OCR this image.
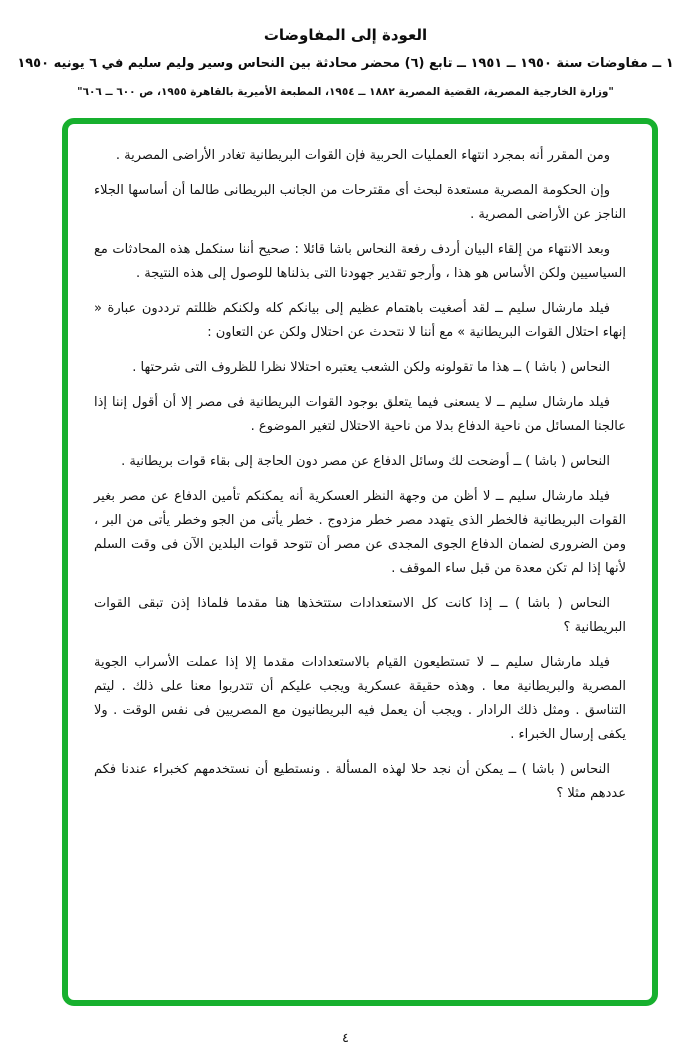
العودة إلى المفاوضات
١ ــ مفاوضات سنة ١٩٥٠ ــ ١٩٥١ ــ تابع (٦) محضر محادثة بين النحاس وسير وليم سليم في ٦ يونيه ١٩٥٠
"وزارة الخارجية المصرية، القضية المصرية ١٨٨٢ ــ ١٩٥٤، المطبعة الأميرية بالقاهرة ١٩٥٥، ص ٦٠٠ ــ ٦٠٦"

ومن المقرر أنه بمجرد انتهاء العمليات الحربية فإن القوات البريطانية تغادر الأراضى المصرية .

وإن الحكومة المصرية مستعدة لبحث أى مقترحات من الجانب البريطانى طالما أن أساسها الجلاء الناجز عن الأراضى المصرية .

وبعد الانتهاء من إلقاء البيان أردف رفعة النحاس باشا قائلا : صحيح أننا سنكمل هذه المحادثات مع السياسيين ولكن الأساس هو هذا ، وأرجو تقدير جهودنا التى بذلناها للوصول إلى هذه النتيجة .

فيلد مارشال سليم ــ لقد أصغيت باهتمام عظيم إلى بيانكم كله ولكنكم ظللتم ترددون عبارة « إنهاء احتلال القوات البريطانية » مع أننا لا نتحدث عن احتلال ولكن عن التعاون :

النحاس ( باشا ) ــ هذا ما تقولونه ولكن الشعب يعتبره احتلالا نظرا للظروف التى شرحتها .

فيلد مارشال سليم ــ لا يسعنى فيما يتعلق بوجود القوات البريطانية فى مصر إلا أن أقول إننا إذا عالجنا المسائل من ناحية الدفاع بدلا من ناحية الاحتلال لتغير الموضوع .

النحاس ( باشا ) ــ أوضحت لك وسائل الدفاع عن مصر دون الحاجة إلى بقاء قوات بريطانية .

فيلد مارشال سليم ــ لا أظن من وجهة النظر العسكرية أنه يمكنكم تأمين الدفاع عن مصر بغير القوات البريطانية فالخطر الذى يتهدد مصر خطر مزدوج . خطر يأتى من الجو وخطر يأتى من البر ، ومن الضرورى لضمان الدفاع الجوى المجدى عن مصر أن تتوحد قوات البلدين الآن فى وقت السلم لأنها إذا لم تكن معدة من قبل ساء الموقف .

النحاس ( باشا ) ــ إذا كانت كل الاستعدادات ستتخذها هنا مقدما فلماذا إذن تبقى القوات البريطانية ؟

فيلد مارشال سليم ــ لا تستطيعون القيام بالاستعدادات مقدما إلا إذا عملت الأسراب الجوية المصرية والبريطانية معا . وهذه حقيقة عسكرية ويجب عليكم أن تتدربوا معنا على ذلك . ليتم التناسق . ومثل ذلك الرادار . ويجب أن يعمل فيه البريطانيون مع المصريين فى نفس الوقت . ولا يكفى إرسال الخبراء .

النحاس ( باشا ) ــ يمكن أن نجد حلا لهذه المسألة . ونستطيع أن نستخدمهم كخبراء عندنا فكم عددهم مثلا ؟

٤
